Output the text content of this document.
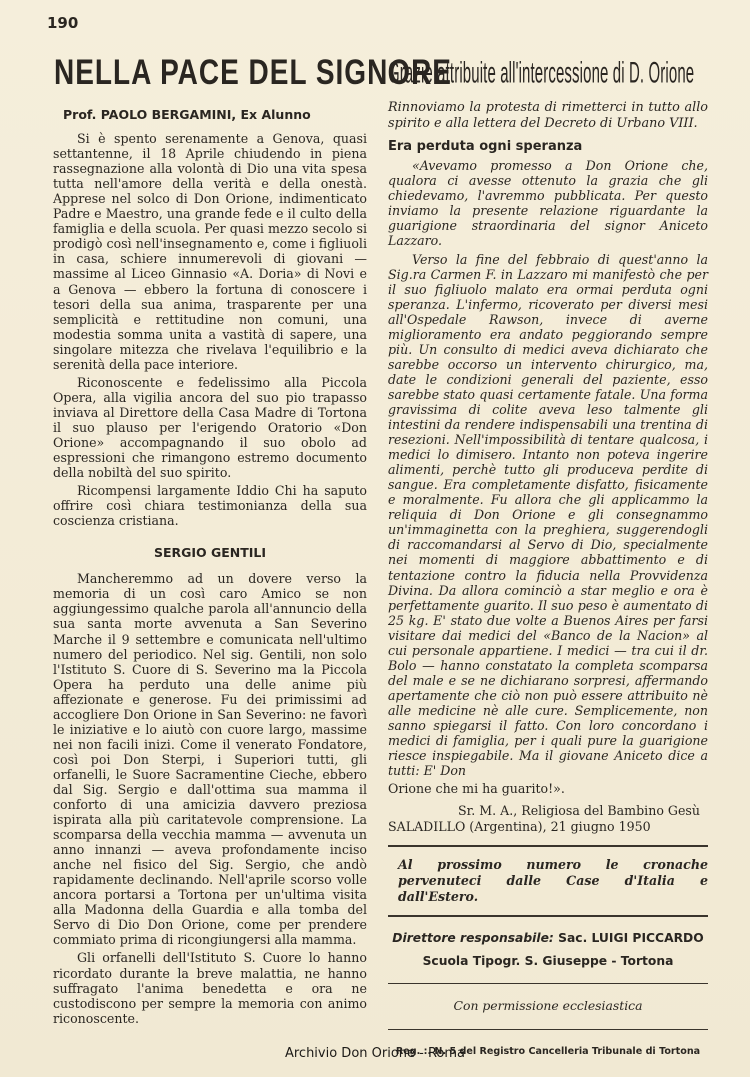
190
NELLA PACE DEL SIGNORE
Grazie attribuite all'intercessione di D. Orione
Prof. PAOLO BERGAMINI, Ex Alunno

Si è spento serenamente a Genova, quasi settantenne, il 18 Aprile chiudendo in piena rassegnazione alla volontà di Dio una vita spesa tutta nell'amore della verità e della onestà. Apprese nel solco di Don Orione, indimenticato Padre e Maestro, una grande fede e il culto della famiglia e della scuola. Per quasi mezzo secolo si prodigò così nell'insegnamento e, come i figliuoli in casa, schiere innumerevoli di giovani — massime al Liceo Ginnasio «A. Doria» di Novi e a Genova — ebbero la fortuna di conoscere i tesori della sua anima, trasparente per una semplicità e rettitudine non comuni, una modestia somma unita a vastità di sapere, una singolare mitezza che rivelava l'equilibrio e la serenità della pace interiore.

Riconoscente e fedelissimo alla Piccola Opera, alla vigilia ancora del suo pio trapasso inviava al Direttore della Casa Madre di Tortona il suo plauso per l'erigendo Oratorio «Don Orione» accompagnando il suo obolo ad espressioni che rimangono estremo documento della nobiltà del suo spirito.

Ricompensi largamente Iddio Chi ha saputo offrire così chiara testimonianza della sua coscienza cristiana.

SERGIO GENTILI

Mancheremmo ad un dovere verso la memoria di un così caro Amico se non aggiungessimo qualche parola all'annuncio della sua santa morte avvenuta a San Severino Marche il 9 settembre e comunicata nell'ultimo numero del periodico. Nel sig. Gentili, non solo l'Istituto S. Cuore di S. Severino ma la Piccola Opera ha perduto una delle anime più affezionate e generose. Fu dei primissimi ad accogliere Don Orione in San Severino: ne favorì le iniziative e lo aiutò con cuore largo, massime nei non facili inizi. Come il venerato Fondatore, così poi Don Sterpi, i Superiori tutti, gli orfanelli, le Suore Sacramentine Cieche, ebbero dal Sig. Sergio e dall'ottima sua mamma il conforto di una amicizia davvero preziosa ispirata alla più caritatevole comprensione. La scomparsa della vecchia mamma — avvenuta un anno innanzi — aveva profondamente inciso anche nel fisico del Sig. Sergio, che andò rapidamente declinando. Nell'aprile scorso volle ancora portarsi a Tortona per un'ultima visita alla Madonna della Guardia e alla tomba del Servo di Dio Don Orione, come per prendere commiato prima di ricongiungersi alla mamma.

Gli orfanelli dell'Istituto S. Cuore lo hanno ricordato durante la breve malattia, ne hanno suffragato l'anima benedetta e ora ne custodiscono per sempre la memoria con animo riconoscente.

Rinnoviamo la protesta di rimetterci in tutto allo spirito e alla lettera del Decreto di Urbano VIII.

Era perduta ogni speranza

«Avevamo promesso a Don Orione che, qualora ci avesse ottenuto la grazia che gli chiedevamo, l'avremmo pubblicata. Per questo inviamo la presente relazione riguardante la guarigione straordinaria del signor Aniceto Lazzaro.

Verso la fine del febbraio di quest'anno la Sig.ra Carmen F. in Lazzaro mi manifestò che per il suo figliuolo malato era ormai perduta ogni speranza. L'infermo, ricoverato per diversi mesi all'Ospedale Rawson, invece di averne miglioramento era andato peggiorando sempre più. Un consulto di medici aveva dichiarato che sarebbe occorso un intervento chirurgico, ma, date le condizioni generali del paziente, esso sarebbe stato quasi certamente fatale. Una forma gravissima di colite aveva leso talmente gli intestini da rendere indispensabili una trentina di resezioni. Nell'impossibilità di tentare qualcosa, i medici lo dimisero. Intanto non poteva ingerire alimenti, perchè tutto gli produceva perdite di sangue. Era completamente disfatto, fisicamente e moralmente. Fu allora che gli applicammo la reliquia di Don Orione e gli consegnammo un'immaginetta con la preghiera, suggerendogli di raccomandarsi al Servo di Dio, specialmente nei momenti di maggiore abbattimento e di tentazione contro la fiducia nella Provvidenza Divina. Da allora cominciò a star meglio e ora è perfettamente guarito. Il suo peso è aumentato di 25 kg. E' stato due volte a Buenos Aires per farsi visitare dai medici del «Banco de la Nacion» al cui personale appartiene. I medici — tra cui il dr. Bolo — hanno constatato la completa scomparsa del male e se ne dichiarano sorpresi, affermando apertamente che ciò non può essere attribuito nè alle medicine nè alle cure. Semplicemente, non sanno spiegarsi il fatto. Con loro concordano i medici di famiglia, per i quali pure la guarigione riesce inspiegabile. Ma il giovane Aniceto dice a tutti: E' Don

Orione che mi ha guarito!».

Sr. M. A., Religiosa del Bambino Gesù
SALADILLO (Argentina), 21 giugno 1950
Al prossimo numero le cronache pervenuteci dalle Case d'Italia e dall'Estero.
Direttore responsabile: Sac. LUIGI PICCARDO
Scuola Tipogr. S. Giuseppe - Tortona
Con permissione ecclesiastica
Reg. :. N. 5 del Registro Cancelleria Tribunale di Tortona
Archivio Don Orione - Roma
